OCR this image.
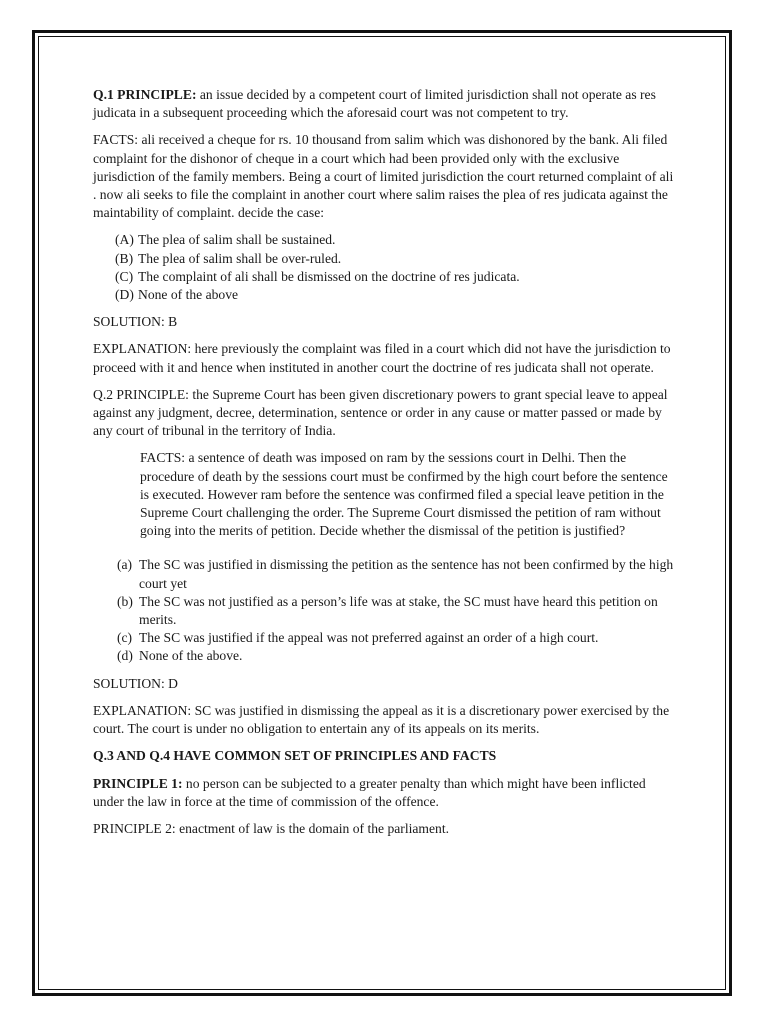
Q.1 PRINCIPLE: an issue decided by a competent court of limited jurisdiction shall not operate as res judicata in a subsequent proceeding which the aforesaid court was not competent to try.

FACTS: ali received a cheque for rs. 10 thousand from salim which was dishonored by the bank. Ali filed complaint for the dishonor of cheque in a court which had been provided only with the exclusive jurisdiction of the family members. Being a court of limited jurisdiction the court returned complaint of ali . now ali seeks to file the complaint in another court where salim raises the plea of res judicata against the maintability of complaint. decide the case:

(A) The plea of salim shall be sustained.
(B) The plea of salim shall be over-ruled.
(C) The complaint of ali shall be dismissed on the doctrine of res judicata.
(D) None of the above

SOLUTION: B

EXPLANATION: here previously the complaint was filed in a court which did not have the jurisdiction to proceed with it and hence when instituted in another court the doctrine of res judicata shall not operate.

Q.2 PRINCIPLE: the Supreme Court has been given discretionary powers to grant special leave to appeal against any judgment, decree, determination, sentence or order in any cause or matter passed or made by any court of tribunal in the territory of India.

FACTS: a sentence of death was imposed on ram by the sessions court in Delhi. Then the procedure of death by the sessions court must be confirmed by the high court before the sentence is executed. However ram before the sentence was confirmed filed a special leave petition in the Supreme Court challenging the order. The Supreme Court dismissed the petition of ram without going into the merits of petition. Decide whether the dismissal of the petition is justified?

(a) The SC was justified in dismissing the petition as the sentence has not been confirmed by the high court yet
(b) The SC was not justified as a person’s life was at stake, the SC must have heard this petition on merits.
(c) The SC was justified if the appeal was not preferred against an order of a high court.
(d) None of the above.

SOLUTION: D

EXPLANATION: SC was justified in dismissing the appeal as it is a discretionary power exercised by the court. The court is under no obligation to entertain any of its appeals on its merits.

Q.3 AND Q.4 HAVE COMMON SET OF PRINCIPLES AND FACTS

PRINCIPLE 1: no person can be subjected to a greater penalty than which might have been inflicted under the law in force at the time of commission of the offence.

PRINCIPLE 2: enactment of law is the domain of the parliament.
